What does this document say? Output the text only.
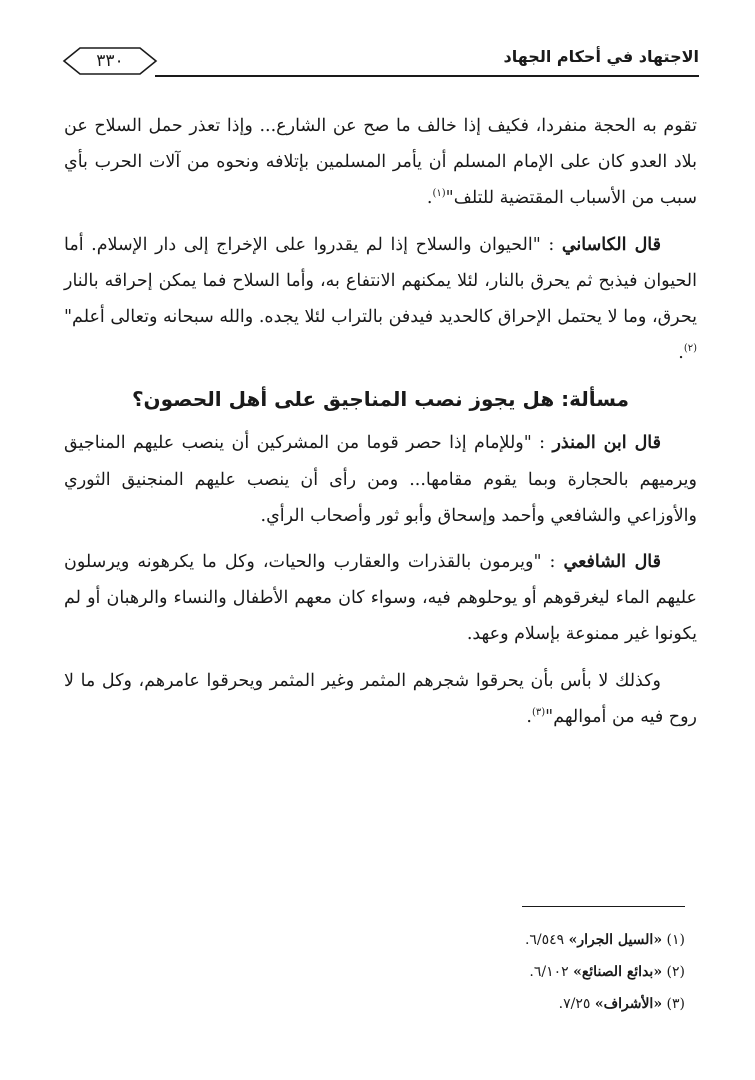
الاجتهاد في أحكام الجهاد
٣٣٠

تقوم به الحجة منفردا، فكيف إذا خالف ما صح عن الشارع... وإذا تعذر حمل السلاح عن بلاد العدو كان على الإمام المسلم أن يأمر المسلمين بإتلافه ونحوه من آلات الحرب بأي سبب من الأسباب المقتضية للتلف"$^{(١)}$.

قال الكاساني : "الحيوان والسلاح إذا لم يقدروا على الإخراج إلى دار الإسلام. أما الحيوان فيذبح ثم يحرق بالنار، لئلا يمكنهم الانتفاع به، وأما السلاح فما يمكن إحراقه بالنار يحرق، وما لا يحتمل الإحراق كالحديد فيدفن بالتراب لئلا يجده. والله سبحانه وتعالى أعلم"$^{(٢)}$.

مسألة: هل يجوز نصب المناجيق على أهل الحصون؟

قال ابن المنذر : "وللإمام إذا حصر قوما من المشركين أن ينصب عليهم المناجيق ويرميهم بالحجارة وبما يقوم مقامها... ومن رأى أن ينصب عليهم المنجنيق الثوري والأوزاعي والشافعي وأحمد وإسحاق وأبو ثور وأصحاب الرأي.

قال الشافعي : "ويرمون بالقذرات والعقارب والحيات، وكل ما يكرهونه ويرسلون عليهم الماء ليغرقوهم أو يوحلوهم فيه، وسواء كان معهم الأطفال والنساء والرهبان أو لم يكونوا غير ممنوعة بإسلام وعهد.

وكذلك لا بأس بأن يحرقوا شجرهم المثمر وغير المثمر ويحرقوا عامرهم، وكل ما لا روح فيه من أموالهم"$^{(٣)}$.

(١) «السيل الجرار» ٦/٥٤٩.
(٢) «بدائع الصنائع» ٦/١٠٢.
(٣) «الأشراف» ٧/٢٥.
